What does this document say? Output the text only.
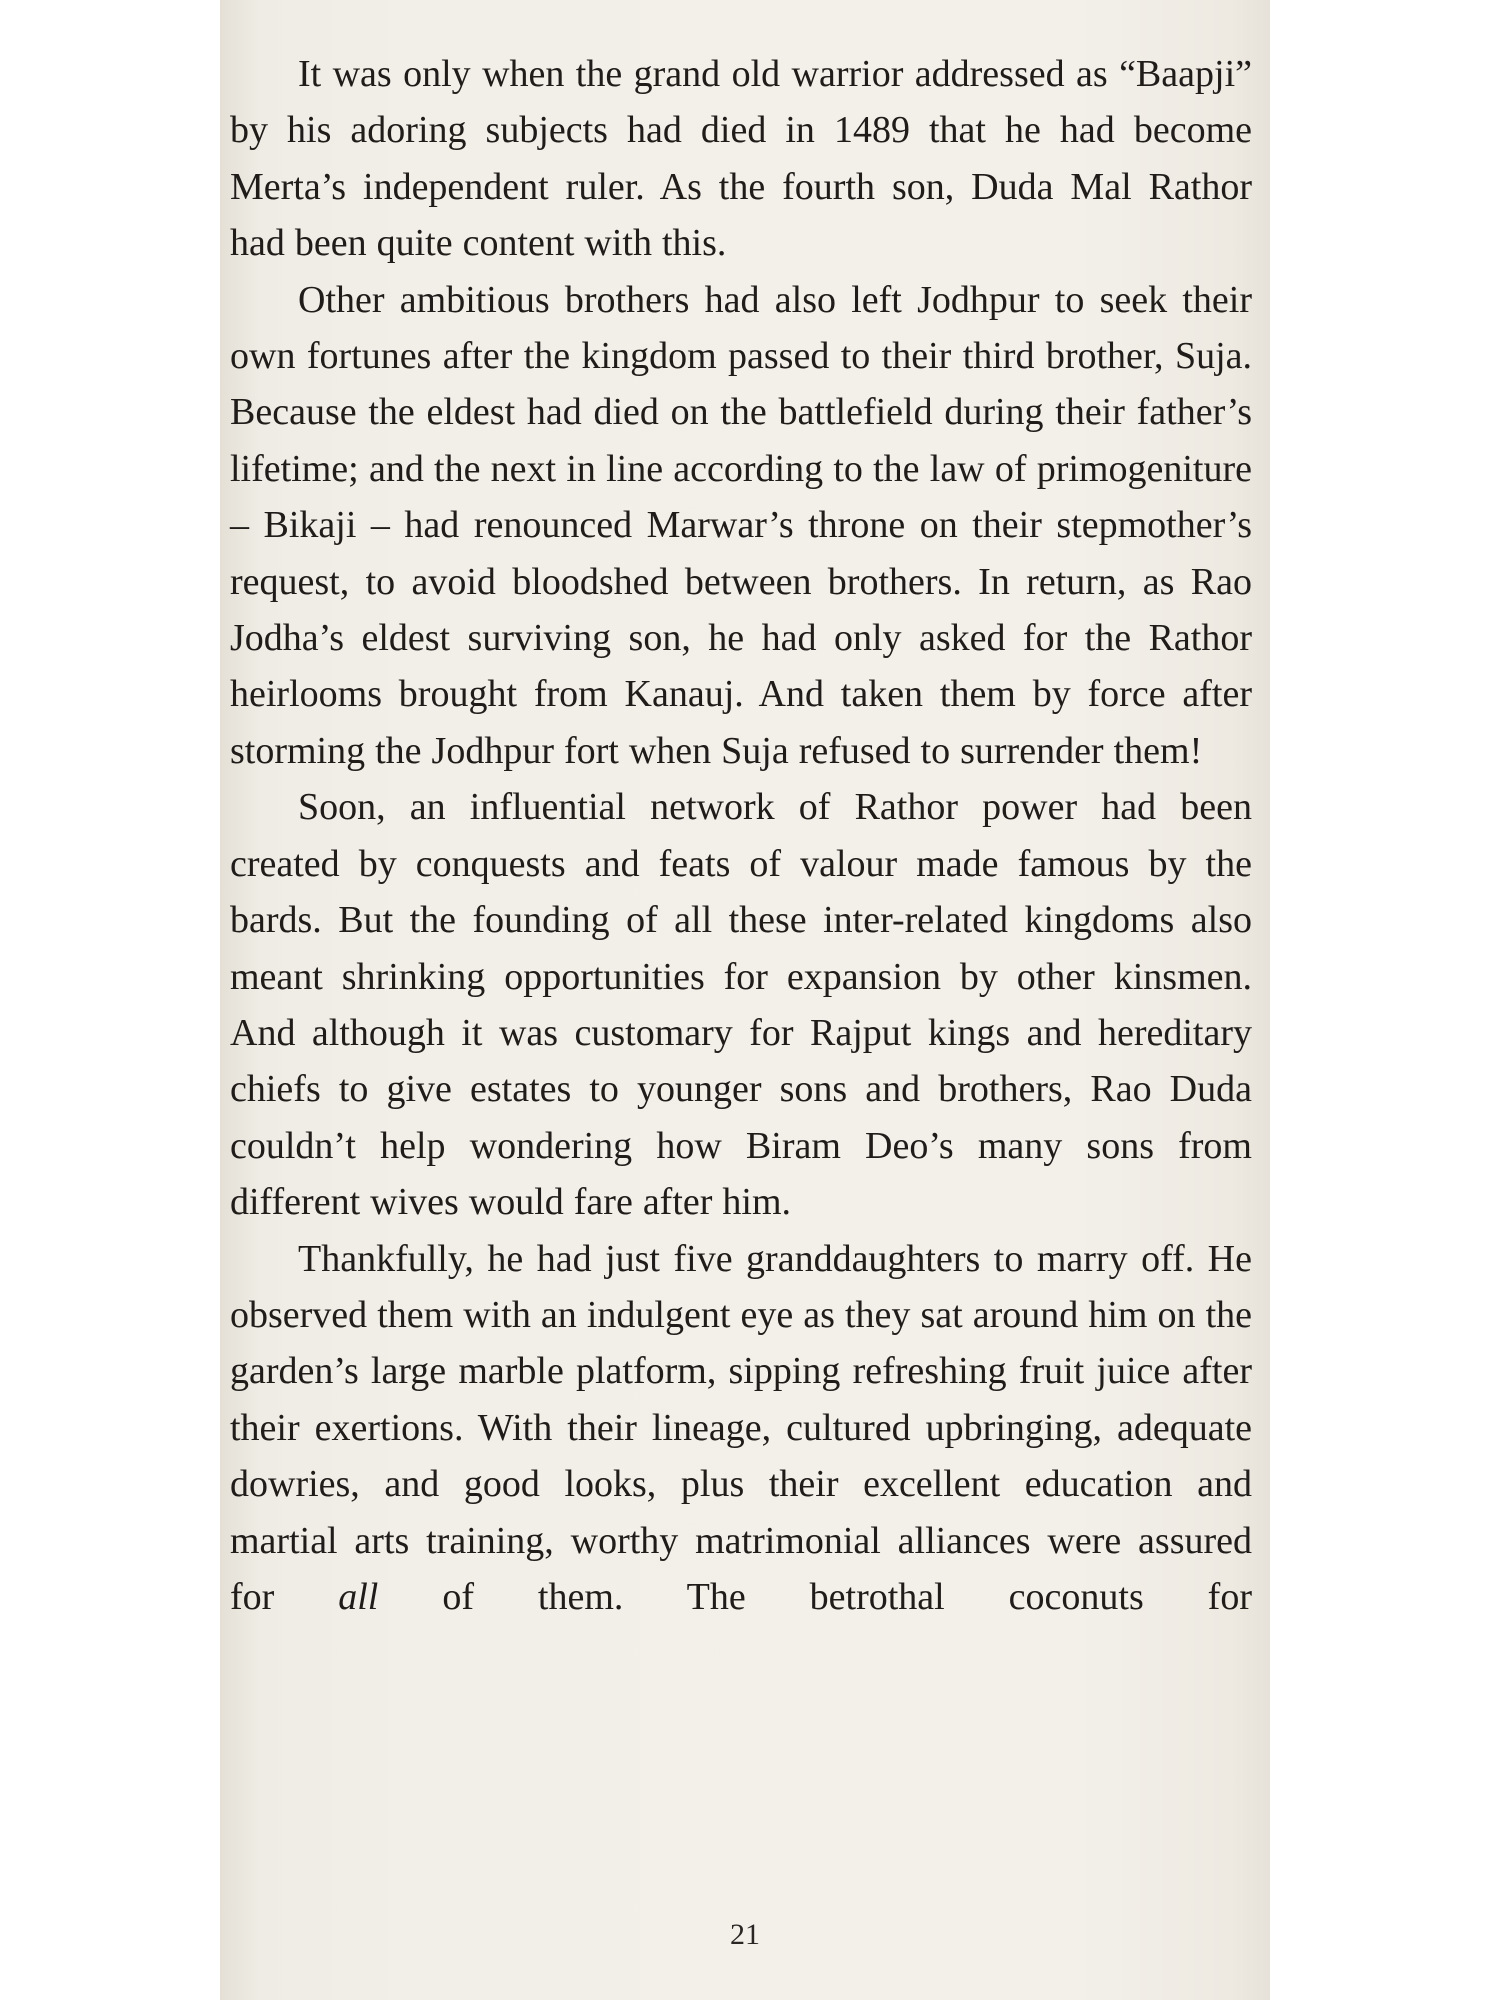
It was only when the grand old warrior addressed as “Baapji” by his adoring subjects had died in 1489 that he had become Merta’s independent ruler. As the fourth son, Duda Mal Rathor had been quite content with this.

Other ambitious brothers had also left Jodhpur to seek their own fortunes after the kingdom passed to their third brother, Suja. Because the eldest had died on the battlefield during their father’s lifetime; and the next in line according to the law of primogeniture – Bikaji – had renounced Marwar’s throne on their stepmother’s request, to avoid bloodshed between brothers. In return, as Rao Jodha’s eldest surviving son, he had only asked for the Rathor heirlooms brought from Kanauj. And taken them by force after storming the Jodhpur fort when Suja refused to surrender them!

Soon, an influential network of Rathor power had been created by conquests and feats of valour made famous by the bards. But the founding of all these inter-related kingdoms also meant shrinking opportunities for expansion by other kinsmen. And although it was customary for Rajput kings and hereditary chiefs to give estates to younger sons and brothers, Rao Duda couldn’t help wondering how Biram Deo’s many sons from different wives would fare after him.

Thankfully, he had just five granddaughters to marry off. He observed them with an indulgent eye as they sat around him on the garden’s large marble platform, sipping refreshing fruit juice after their exertions. With their lineage, cultured upbringing, adequate dowries, and good looks, plus their excellent education and martial arts training, worthy matrimonial alliances were assured for all of them. The betrothal coconuts for

21
